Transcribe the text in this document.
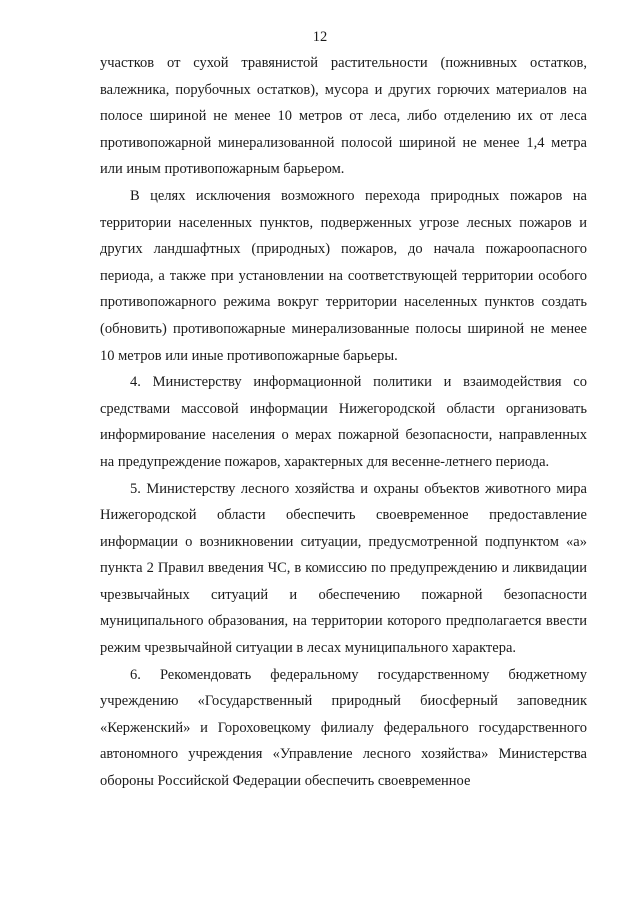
12

участков от сухой травянистой растительности (пожнивных остатков, валежника, порубочных остатков), мусора и других горючих материалов на полосе шириной не менее 10 метров от леса, либо отделению их от леса противопожарной минерализованной полосой шириной не менее 1,4 метра или иным противопожарным барьером.

В целях исключения возможного перехода природных пожаров на территории населенных пунктов, подверженных угрозе лесных пожаров и других ландшафтных (природных) пожаров, до начала пожароопасного периода, а также при установлении на соответствующей территории особого противопожарного режима вокруг территории населенных пунктов создать (обновить) противопожарные минерализованные полосы шириной не менее 10 метров или иные противопожарные барьеры.

4. Министерству информационной политики и взаимодействия со средствами массовой информации Нижегородской области организовать информирование населения о мерах пожарной безопасности, направленных на предупреждение пожаров, характерных для весенне-летнего периода.

5. Министерству лесного хозяйства и охраны объектов животного мира Нижегородской области обеспечить своевременное предоставление информации о возникновении ситуации, предусмотренной подпунктом «а» пункта 2 Правил введения ЧС, в комиссию по предупреждению и ликвидации чрезвычайных ситуаций и обеспечению пожарной безопасности муниципального образования, на территории которого предполагается ввести режим чрезвычайной ситуации в лесах муниципального характера.

6. Рекомендовать федеральному государственному бюджетному учреждению «Государственный природный биосферный заповедник «Керженский» и Гороховецкому филиалу федерального государственного автономного учреждения «Управление лесного хозяйства» Министерства обороны Российской Федерации обеспечить своевременное
